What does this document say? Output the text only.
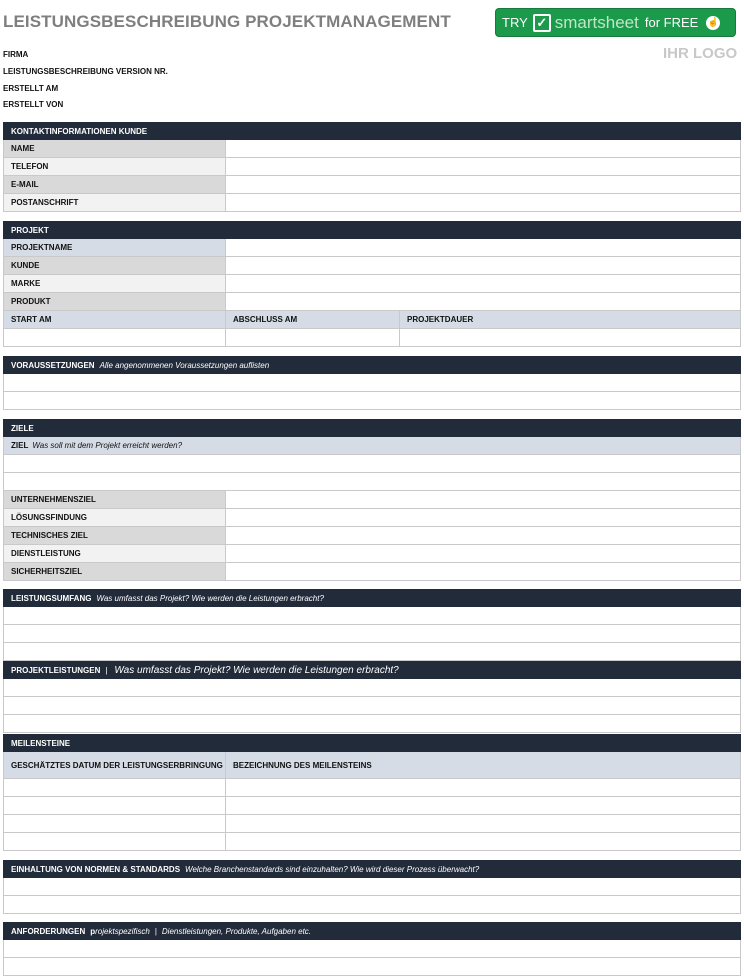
LEISTUNGSBESCHREIBUNG PROJEKTMANAGEMENT	TRY ✓ smartsheet for FREE ☝
IHR LOGO
FIRMA
LEISTUNGSBESCHREIBUNG VERSION NR.
ERSTELLT AM
ERSTELLT VON
KONTAKTINFORMATIONEN KUNDE
NAME
TELEFON
E-MAIL
POSTANSCHRIFT
PROJEKT
PROJEKTNAME
KUNDE
MARKE
PRODUKT
START AM	ABSCHLUSS AM	PROJEKTDAUER
VORAUSSETZUNGEN Alle angenommenen Voraussetzungen auflisten
ZIELE
ZIEL Was soll mit dem Projekt erreicht werden?
UNTERNEHMENSZIEL
LÖSUNGSFINDUNG
TECHNISCHES ZIEL
DIENSTLEISTUNG
SICHERHEITSZIEL
LEISTUNGSUMFANG Was umfasst das Projekt? Wie werden die Leistungen erbracht?
PROJEKTLEISTUNGEN | Was umfasst das Projekt? Wie werden die Leistungen erbracht?
MEILENSTEINE
GESCHÄTZTES DATUM DER LEISTUNGSERBRINGUNG	BEZEICHNUNG DES MEILENSTEINS
EINHALTUNG VON NORMEN & STANDARDS Welche Branchenstandards sind einzuhalten? Wie wird dieser Prozess überwacht?
ANFORDERUNGEN p rojektspezifisch | Dienstleistungen, Produkte, Aufgaben etc.
